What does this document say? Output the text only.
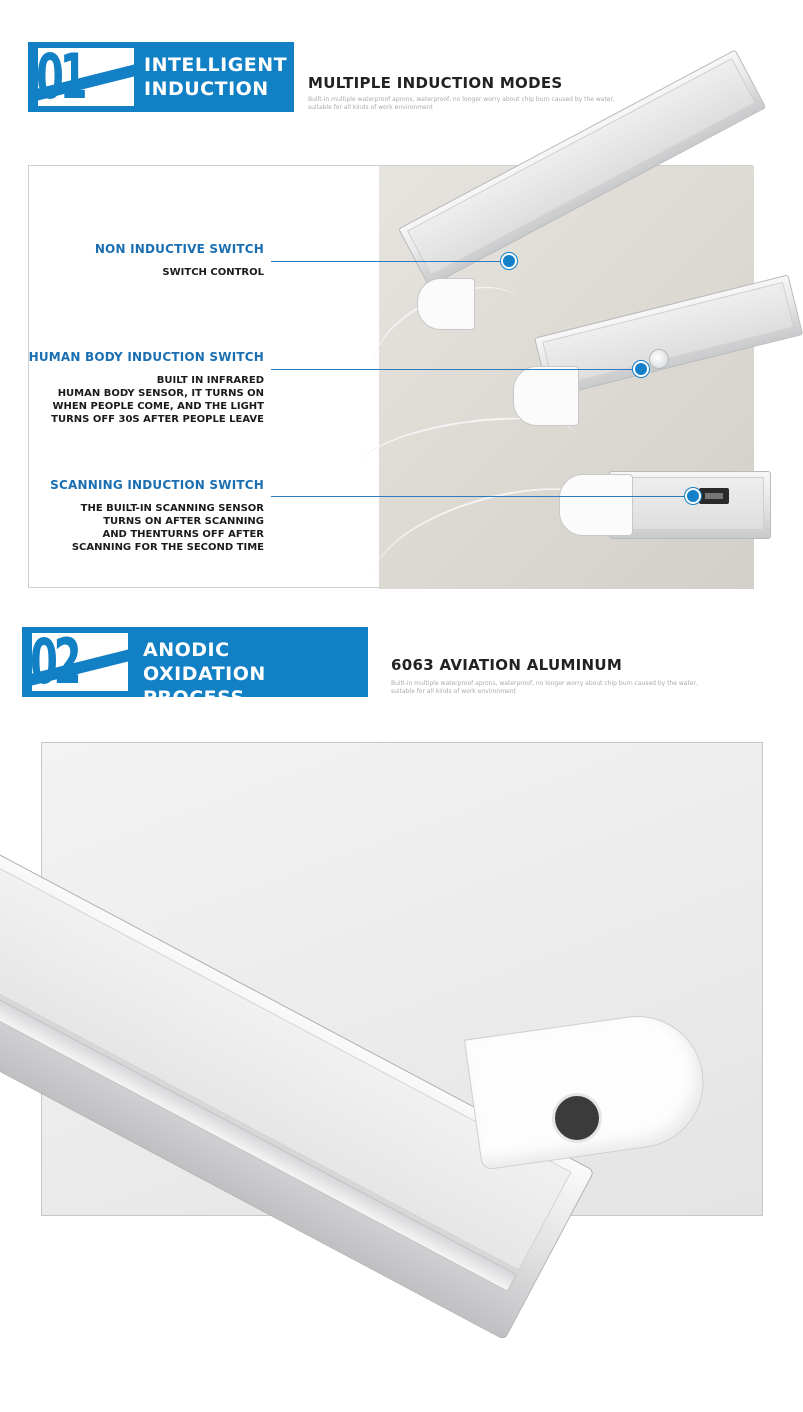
01	INTELLIGENT
INDUCTION	MULTIPLE INDUCTION MODES
Built-in multiple waterproof aprons, waterproof, no longer worry about chip burn caused by the water, suitable for all kinds of work environment
NON INDUCTIVE SWITCH
SWITCH CONTROL
HUMAN BODY INDUCTION SWITCH
BUILT IN INFRARED
HUMAN BODY SENSOR, IT TURNS ON
WHEN PEOPLE COME, AND THE LIGHT
TURNS OFF 30S AFTER PEOPLE LEAVE
SCANNING INDUCTION SWITCH
THE BUILT-IN SCANNING SENSOR
TURNS ON AFTER SCANNING
AND THENTURNS OFF AFTER
SCANNING FOR THE SECOND TIME
02	ANODIC
OXIDATION PROCESS
6063 AVIATION ALUMINUM
Built-in multiple waterproof aprons, waterproof, no longer worry about chip burn caused by the water, suitable for all kinds of work environment
